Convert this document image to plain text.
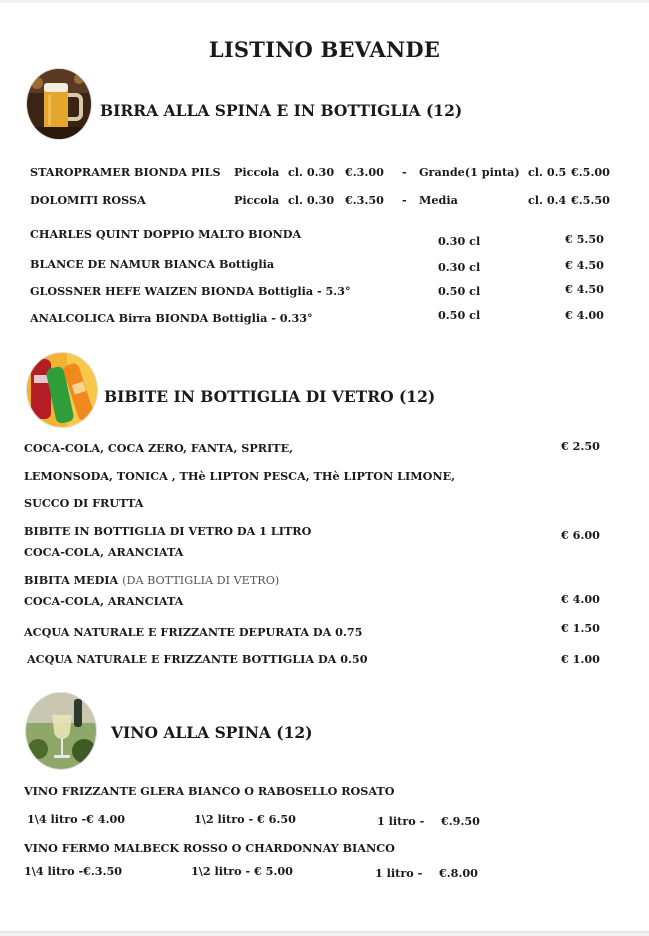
LISTINO BEVANDE
BIRRA ALLA SPINA E IN BOTTIGLIA (12)
STAROPRAMER BIONDA PILS Piccola cl. 0.30 €.3.00 - Grande(1 pinta) cl. 0.5 €.5.00
DOLOMITI ROSSA	Piccola cl. 0.30 €.3.50 - Media	cl. 0.4 €.5.50
CHARLES QUINT DOPPIO MALTO BIONDA	0.30 cl	€ 5.50
BLANCE DE NAMUR BIANCA Bottiglia	0.30 cl	€ 4.50
GLOSSNER HEFE WAIZEN BIONDA Bottiglia - 5.3°	0.50 cl	€ 4.50
ANALCOLICA Birra BIONDA Bottiglia - 0.33°	0.50 cl	€ 4.00
BIBITE IN BOTTIGLIA DI VETRO (12)
COCA-COLA, COCA ZERO, FANTA, SPRITE,	€ 2.50
LEMONSODA, TONICA , THè LIPTON PESCA, THè LIPTON LIMONE,
SUCCO DI FRUTTA
BIBITE IN BOTTIGLIA DI VETRO DA 1 LITRO	€ 6.00
COCA-COLA, ARANCIATA
BIBITA MEDIA (DA BOTTIGLIA DI VETRO)
COCA-COLA, ARANCIATA	€ 4.00
ACQUA NATURALE E FRIZZANTE DEPURATA DA 0.75	€ 1.50
ACQUA NATURALE E FRIZZANTE BOTTIGLIA DA 0.50	€ 1.00
VINO ALLA SPINA (12)
VINO FRIZZANTE GLERA BIANCO O RABOSELLO ROSATO
1\4 litro -€ 4.00	1\2 litro - € 6.50	1 litro - €.9.50
VINO FERMO MALBECK ROSSO O CHARDONNAY BIANCO
1\4 litro -€.3.50	1\2 litro - € 5.00	1 litro - €.8.00
